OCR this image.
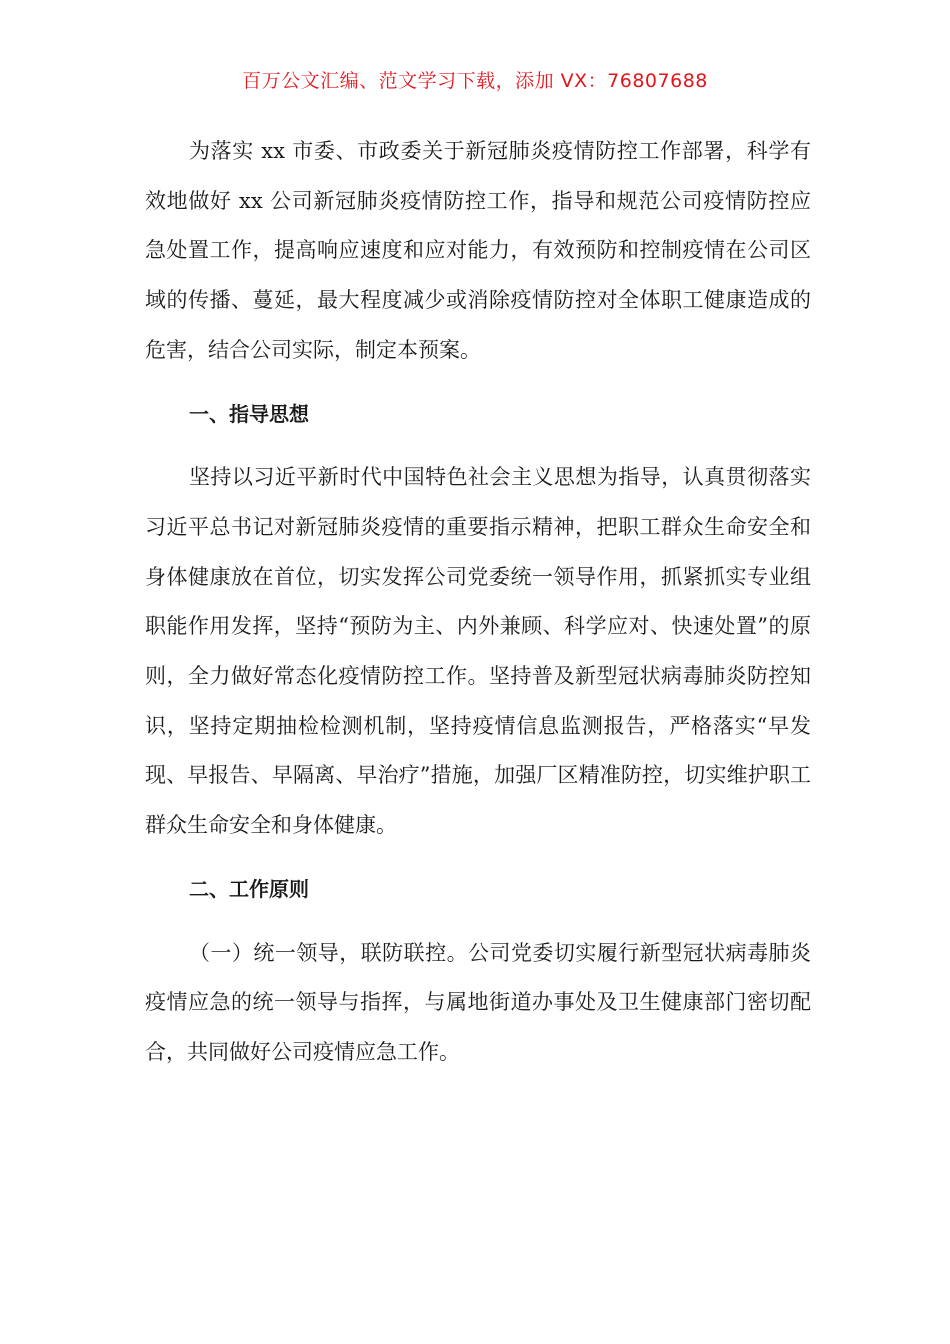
百万公文汇编、范文学习下载，添加 VX：76807688

为落实 xx 市委、市政委关于新冠肺炎疫情防控工作部署，科学有效地做好 xx 公司新冠肺炎疫情防控工作，指导和规范公司疫情防控应急处置工作，提高响应速度和应对能力，有效预防和控制疫情在公司区域的传播、蔓延，最大程度减少或消除疫情防控对全体职工健康造成的危害，结合公司实际，制定本预案。

一、指导思想

坚持以习近平新时代中国特色社会主义思想为指导，认真贯彻落实习近平总书记对新冠肺炎疫情的重要指示精神，把职工群众生命安全和身体健康放在首位，切实发挥公司党委统一领导作用，抓紧抓实专业组职能作用发挥，坚持“预防为主、内外兼顾、科学应对、快速处置”的原则，全力做好常态化疫情防控工作。坚持普及新型冠状病毒肺炎防控知识，坚持定期抽检检测机制，坚持疫情信息监测报告，严格落实“早发现、早报告、早隔离、早治疗”措施，加强厂区精准防控，切实维护职工群众生命安全和身体健康。

二、工作原则

（一）统一领导，联防联控。公司党委切实履行新型冠状病毒肺炎疫情应急的统一领导与指挥，与属地街道办事处及卫生健康部门密切配合，共同做好公司疫情应急工作。
